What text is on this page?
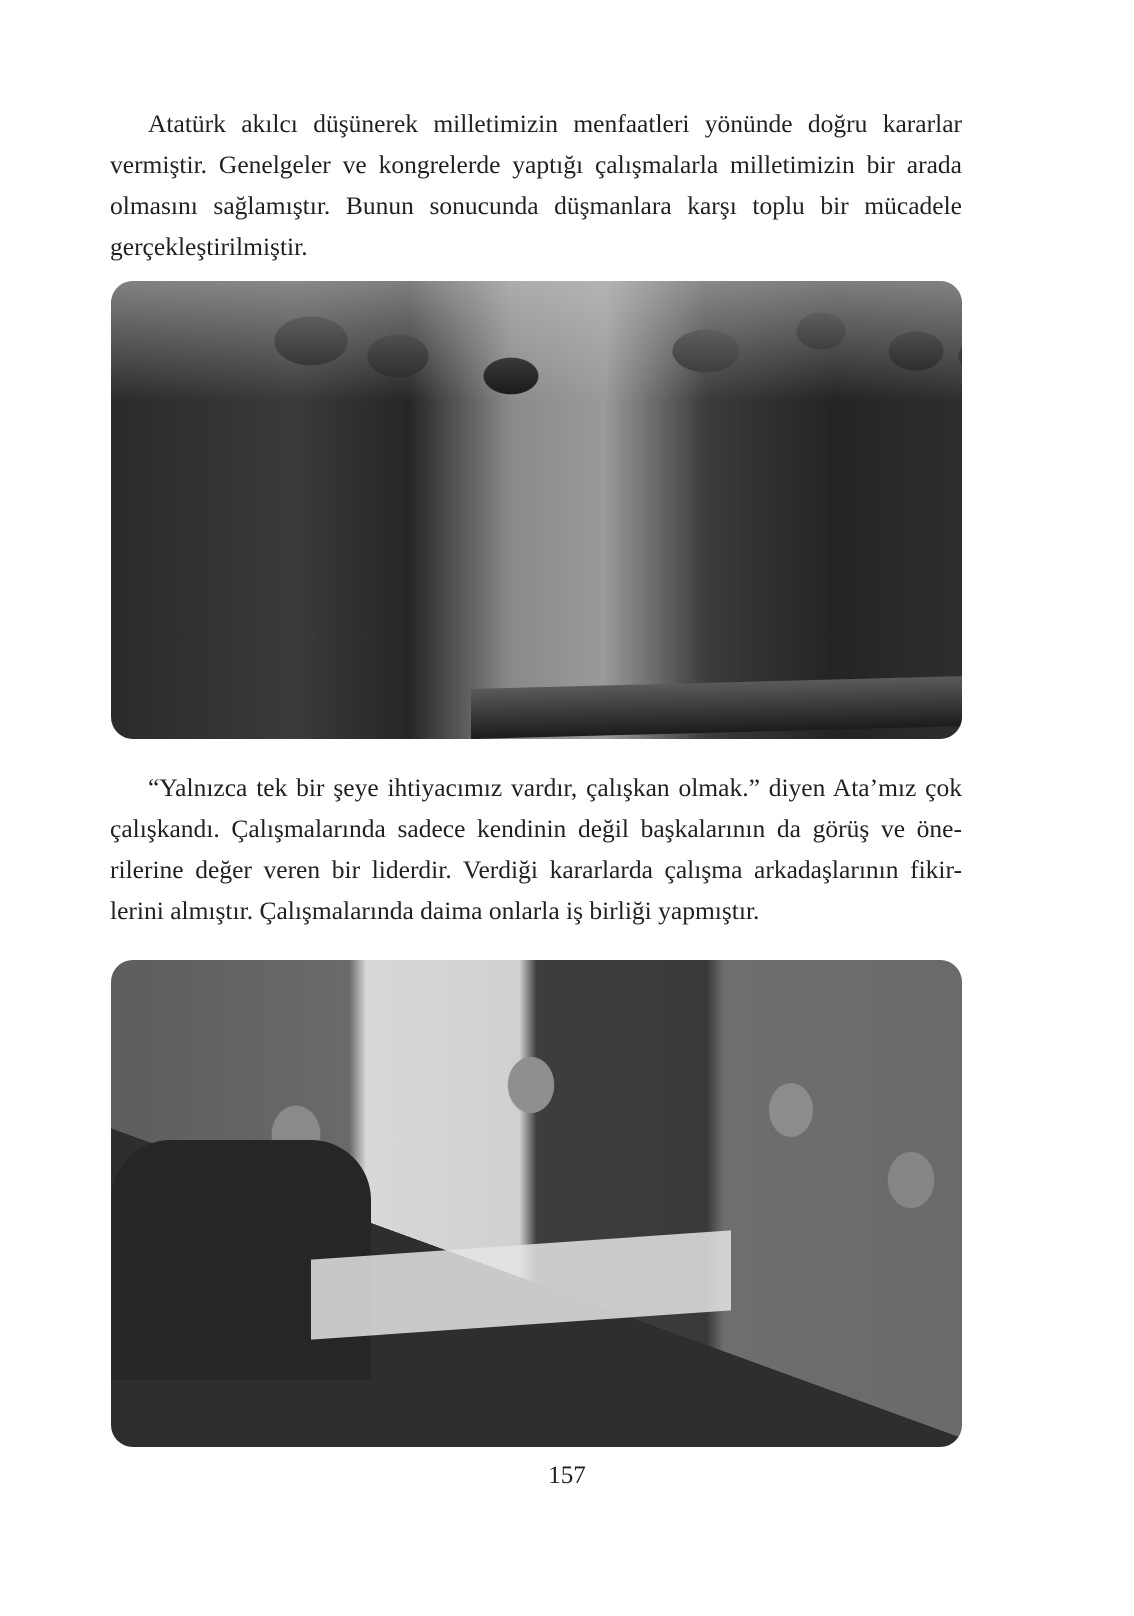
Atatürk akılcı düşünerek milletimizin menfaatleri yönünde doğru kararlar
vermiştir. Genelgeler ve kongrelerde yaptığı çalışmalarla milletimizin bir arada
olmasını sağlamıştır. Bunun sonucunda düşmanlara karşı toplu bir mücadele
gerçekleştirilmiştir.

“Yalnızca tek bir şeye ihtiyacımız vardır, çalışkan olmak.” diyen Ata’mız çok
çalışkandı. Çalışmalarında sadece kendinin değil başkalarının da görüş ve öne-
rilerine değer veren bir liderdir. Verdiği kararlarda çalışma arkadaşlarının fikir-
lerini almıştır. Çalışmalarında daima onlarla iş birliği yapmıştır.

157
